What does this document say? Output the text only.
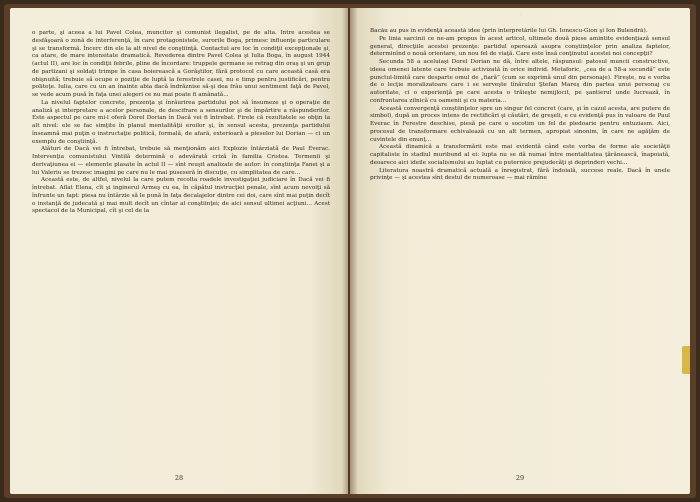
o parte, şi aceea a lui Pavel Colea, muncitor şi comunist ilegalist, pe de alta. Între acestea se desfăşoară o zonă de interferenţă, în care protagonistele, surorile Boga, primesc influenţe particulare şi se transformă. Încerc din ele la alt nivel de conştiinţă. Contactul are loc în condiţii excepţionale şi, ca atare, de mare intensitate dramatică. Revederea dintre Pavel Colea şi Iulia Boga, în august 1944 (actul II), are loc în condiţii febrile, pline de încordare: truppele germane se retrag din oraş şi un grup de partizani şi soldaţi trimpe în casa boierească a Gorăştilor, fără protocol cu care această casă era obişnuită; trebuie să ocupe o poziţie de luptă la ferestrele casei, nu e timp pentru justificări, pentru politeţe. Iulia, care cu un an înainte abia dacă îndrăznise să-şi dea frâu unui sentiment faţă de Pavel, se vede acum pusă în faţa unei alegeri ce nu mai poate fi amânată...

La nivelul faptelor concrete, prezenţa şi înrâurirea partidului pot să însumeze şi o operaţie de analiză şi interpretare a acelor personale, de descifrare a sensurilor şi de împărtire a răspunderilor. Este aspectul pe care mi-l oferă Dorel Dorian în Dacă vei fi întrebat. Firele că rezultatele se obţin la alt nivel: ele se fac simţite în planul mentalităţii eroilor şi, în sensul acesta, prezenţa partidului înseamnă mai puţin o instructaţie politică, formală, de afară, exterioară a pieselor lui Dorian — ci un exemplu de conştiinţă.

Alături de Dacă vei fi întrebat, trebuie să menţionăm aici Explozie întârziată de Paul Everac. Intervenţia comunistului Vintilă determină o adevărată criză în familia Cristea. Termenii şi derivaţiunea ei — elemente plasate în actul II — sînt reuşit analizate de autor: în conştiinţa Fanei şi a lui Valeriu se trezesc imagini pe care nu le mai puseseră în discuţie, cu simplitatea de care...

Această este, de altfel, nivelul la care putem recolta roadele investigaţiei judiciare în Dacă vei fi întrebat. Aflat Elena, cît şi inginerul Armeş cu ea, în căpătul instrucţiei penale, sînt acum nevoiţi să înfrunte un fapt: piesa nu întârzie să le pună în faţa decalajelor dintre cei doi, care sînt mai puţin decît o instanţă de judecată şi mai mult decît un cîntar al conştiinţei; de aici sensul ultimei acţiuni... Acest spectacol de la Municipal, cît şi cel de la

28
·

Bacău au pus în evidenţă această idee (prin interpretările lui Gh. Ionescu-Gion şi Ion Bulendră).

Pe linia sarcinii ce ne-am propus în acest articol, ultimele două piese amintite evidenţiază sensul general, direcţiile acestei prezenţe: partidul operează asupra conştiinţelor prin analiza faptelor, determinînd o nouă orientare, un nou fel de viaţă. Care este însă conţinutul acestei noi concepţii?

Secunda 58 a aceluiaşi Dorel Dorian ne dă, între altele, răspunsul: patosul muncii constructive, ideea omenei latente care trebuie activizată în orice individ. Metaforic, „cea de a 58-a secundă” este punctul-limită care desparte omul de „fiară” (cum se exprimă unul din personaje). Fireşte, nu e vorba de o lecţie moralizatoare care i se serveşte tînărului Ştefan Mareş din partea unui personaj cu autoritate, ci o experienţă pe care acesta o trăieşte nemijlocit, pe şantierul unde lucrează, în confruntarea zilnică cu oamenii şi cu materia...

Această convergenţă conştiinţelor spre un singur fel concret (care, şi în cazul acesta, are putere de simbol), după un proces intens de rectificări şi căutări, de greşeli, e cu evidenţă pus în valoare de Paul Everac în Ferestre deschise, piesă pe care o socotim un fel de pledoarie pentru entuziasm. Aici, procesul de transformare echivalează cu un alt termen, apropiat sinonim, în care ne agăţăm de cuvintele din enunţ...

Această dinamică a transformării este mai evidentă când este vorba de forme ale societăţii capitaliste în stadiul muribund al ei: lupta nu se dă numai între mentalitatea ţărănească, înapoiată, deoarece aici ideile socialismului au luptat cu puternice prejudecăţi şi deprinderi vechi...

Literatura noastră dramatică actuală a înregistrat, fără îndoială, succese reale. Dacă în unele privinţe — şi acestea sînt destul de numeroase — mai rămîne

29
